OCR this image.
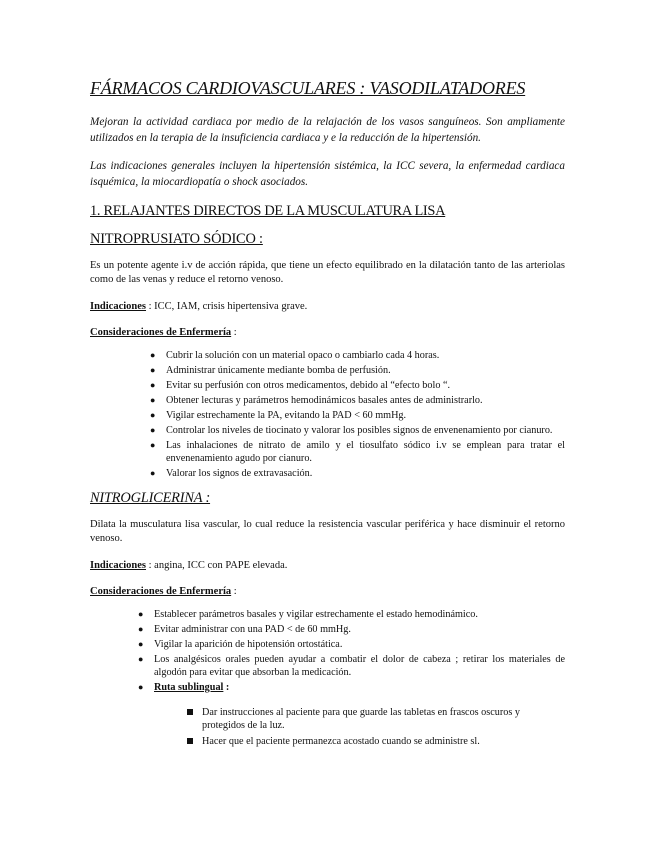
FÁRMACOS CARDIOVASCULARES : VASODILATADORES

Mejoran la actividad cardiaca por medio de la relajación de los vasos sanguíneos. Son ampliamente utilizados en la terapia de la insuficiencia cardiaca y e la reducción de la hipertensión.

Las indicaciones generales incluyen la hipertensión sistémica, la ICC severa, la enfermedad cardiaca isquémica, la miocardiopatía o shock asociados.

1. RELAJANTES DIRECTOS DE LA MUSCULATURA LISA
NITROPRUSIATO SÓDICO :

Es un potente agente i.v de acción rápida, que tiene un efecto equilibrado en la dilatación tanto de las arteriolas como de las venas y reduce el retorno venoso.

Indicaciones : ICC, IAM, crisis hipertensiva grave.

Consideraciones de Enfermería :

● Cubrir la solución con un material opaco o cambiarlo cada 4 horas.
● Administrar únicamente mediante bomba de perfusión.
● Evitar su perfusión con otros medicamentos, debido al “efecto bolo “.
● Obtener lecturas y parámetros hemodinámicos basales antes de administrarlo.
● Vigilar estrechamente la PA, evitando la PAD < 60 mmHg.
● Controlar los niveles de tiocinato y valorar los posibles signos de envenenamiento por cianuro.
● Las inhalaciones de nitrato de amilo y el tiosulfato sódico i.v se emplean para tratar el envenenamiento agudo por cianuro.
● Valorar los signos de extravasación.
NITROGLICERINA :

Dilata la musculatura lisa vascular, lo cual reduce la resistencia vascular periférica y hace disminuir el retorno venoso.

Indicaciones : angina, ICC con PAPE elevada.

Consideraciones de Enfermería :

● Establecer parámetros basales y vigilar estrechamente el estado hemodinámico.
● Evitar administrar con una PAD < de 60 mmHg.
● Vigilar la aparición de hipotensión ortostática.
● Los analgésicos orales pueden ayudar a combatir el dolor de cabeza ; retirar los materiales de algodón para evitar que absorban la medicación.
● Ruta sublingual :
Dar instrucciones al paciente para que guarde las tabletas en frascos oscuros y protegidos de la luz.
Hacer que el paciente permanezca acostado cuando se administre sl.
